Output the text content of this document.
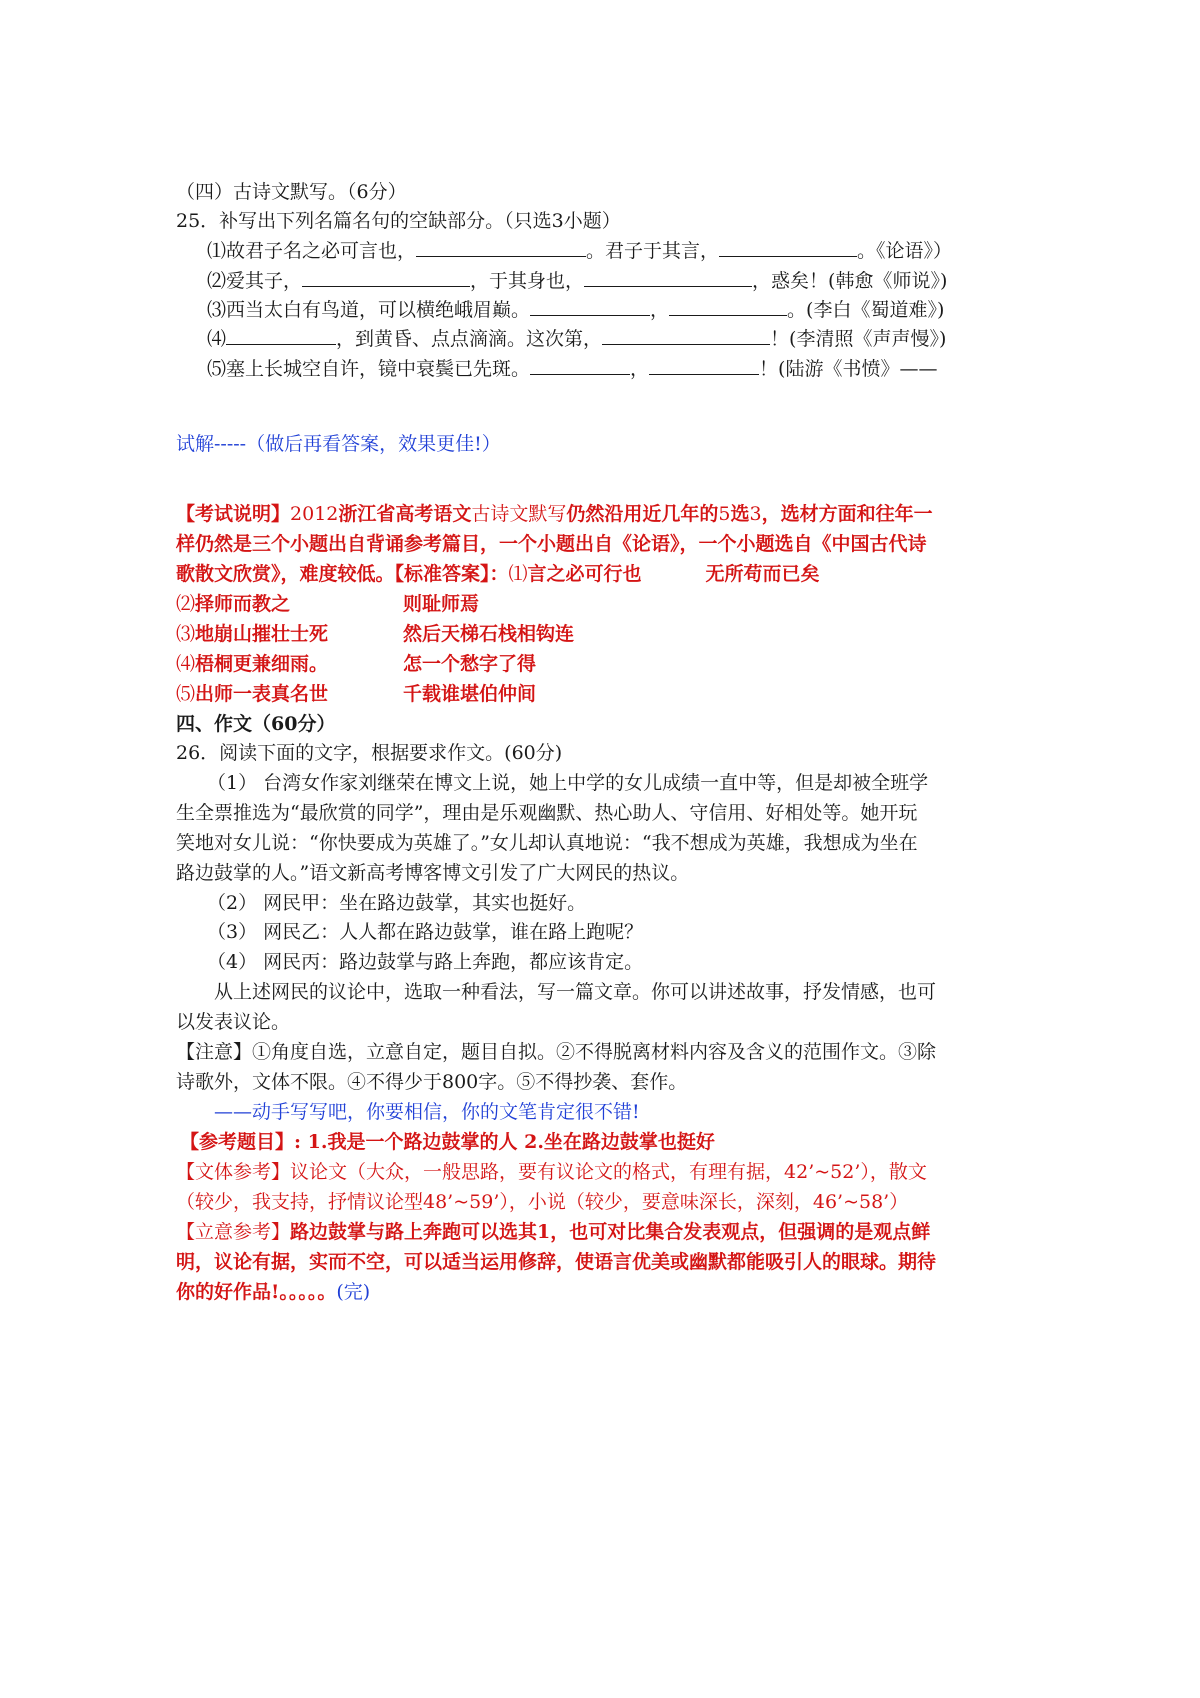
（四）古诗文默写。（6分）
25．补写出下列名篇名句的空缺部分。（只选3小题）
⑴故君子名之必可言也，	。君子于其言，	。《论语》）
⑵爱其子，	，于其身也，	，惑矣！(韩愈《师说》)
⑶西当太白有鸟道，可以横绝峨眉巅。	，	。(李白《蜀道难》)
⑷	，到黄昏、点点滴滴。这次第，	！(李清照《声声慢》)
⑸塞上长城空自许，镜中衰鬓已先斑。	，	！(陆游《书愤》——
试解-----（做后再看答案，效果更佳!）
【考试说明】2012浙江省高考语文古诗文默写仍然沿用近几年的5选3，选材方面和往年一
样仍然是三个小题出自背诵参考篇目，一个小题出自《论语》，一个小题选自《中国古代诗
歌散文欣赏》，难度较低。【标准答案】：⑴言之必可行也	无所苟而已矣
⑵择师而教之	则耻师焉
⑶地崩山摧壮士死	然后天梯石栈相钩连
⑷梧桐更兼细雨。	怎一个愁字了得
⑸出师一表真名世	千载谁堪伯仲间
四、作文（60分）
26．阅读下面的文字，根据要求作文。(60分)
（1） 台湾女作家刘继荣在博文上说，她上中学的女儿成绩一直中等，但是却被全班学
生全票推选为“最欣赏的同学”，理由是乐观幽默、热心助人、守信用、好相处等。她开玩
笑地对女儿说：“你快要成为英雄了。”女儿却认真地说：“我不想成为英雄，我想成为坐在
路边鼓掌的人。”语文新高考博客博文引发了广大网民的热议。
（2） 网民甲：坐在路边鼓掌，其实也挺好。
（3） 网民乙：人人都在路边鼓掌，谁在路上跑呢？
（4） 网民丙：路边鼓掌与路上奔跑，都应该肯定。
从上述网民的议论中，选取一种看法，写一篇文章。你可以讲述故事，抒发情感，也可
以发表议论。
【注意】①角度自选，立意自定，题目自拟。②不得脱离材料内容及含义的范围作文。③除
诗歌外，文体不限。④不得少于800字。⑤不得抄袭、套作。
——动手写写吧，你要相信，你的文笔肯定很不错!
【参考题目】: 1.我是一个路边鼓掌的人 2.坐在路边鼓掌也挺好
【文体参考】议论文（大众，一般思路，要有议论文的格式，有理有据，42’~52’），散文
（较少，我支持，抒情议论型48’~59’），小说（较少，要意味深长，深刻，46’~58’）
【立意参考】路边鼓掌与路上奔跑可以选其1，也可对比集合发表观点，但强调的是观点鲜
明，议论有据，实而不空，可以适当运用修辞，使语言优美或幽默都能吸引人的眼球。期待
你的好作品!。。。。。(完)
